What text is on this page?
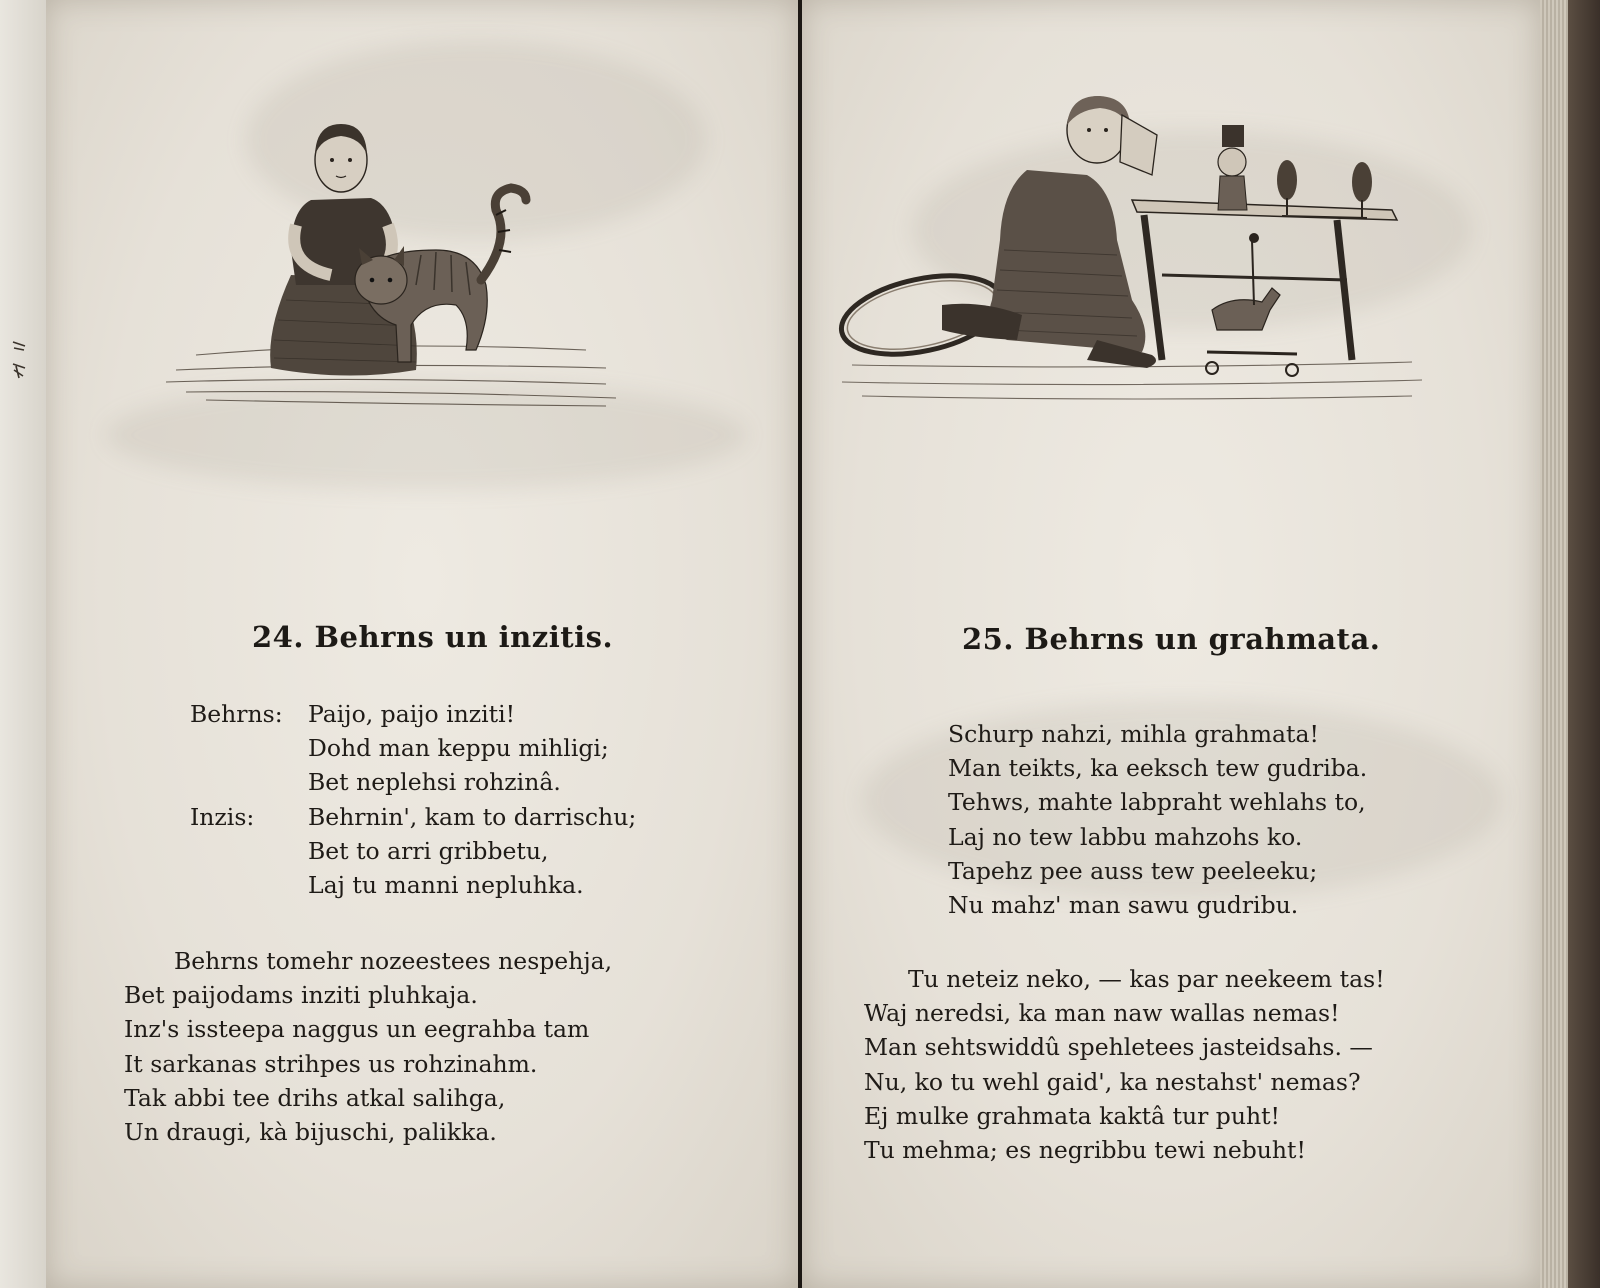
24. Behrns un inzitis.
Behrns: Paijo, paijo inziti!
Dohd man keppu mihligi;
Bet neplehsi rohzinâ.
Inzis: Behrnin', kam to darrischu;
Bet to arri gribbetu,
Laj tu manni nepluhka.
Behrns tomehr nozeestees nespehja,
Bet paijodams inziti pluhkaja.
Inz's issteepa naggus un eegrahba tam
It sarkanas strihpes us rohzinahm.
Tak abbi tee drihs atkal salihga,
Un draugi, kà bijuschi, palikka.
25. Behrns un grahmata.
Schurp nahzi, mihla grahmata!
Man teikts, ka eeksch tew gudriba.
Tehws, mahte labpraht wehlahs to,
Laj no tew labbu mahzohs ko.
Tapehz pee auss tew peeleeku;
Nu mahz' man sawu gudribu.
Tu neteiz neko, — kas par neekeem tas!
Waj neredsi, ka man naw wallas nemas!
Man sehtswiddû spehletees jasteidsahs. —
Nu, ko tu wehl gaid', ka nestahst' nemas?
Ej mulke grahmata kaktâ tur puht!
Tu mehma; es negribbu tewi nebuht!
